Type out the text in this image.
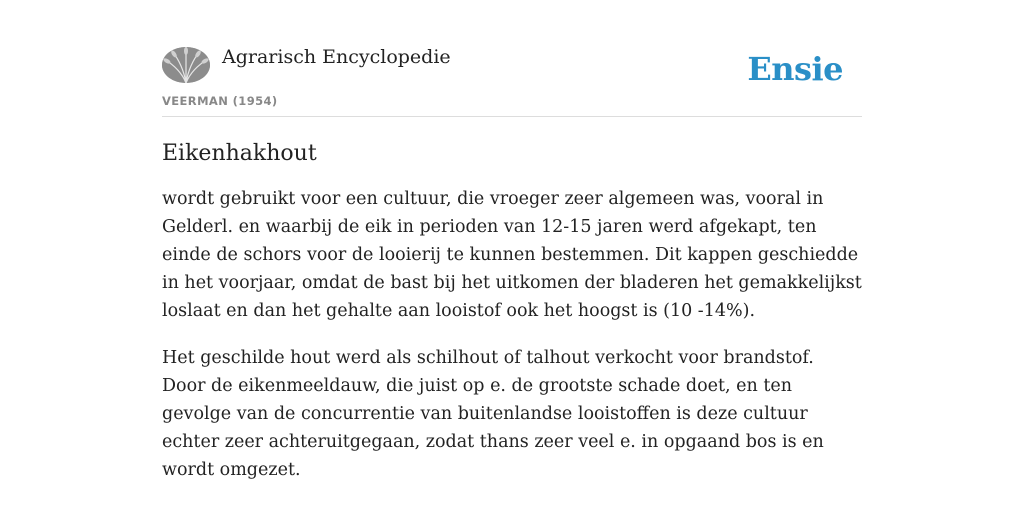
Agrarisch Encyclopedie
VEERMAN (1954)
Ensie
Eikenhakhout

wordt gebruikt voor een cultuur, die vroeger zeer algemeen was, vooral in Gelderl. en waarbij de eik in perioden van 12-15 jaren werd afgekapt, ten einde de schors voor de looierij te kunnen bestemmen. Dit kappen geschiedde in het voorjaar, omdat de bast bij het uitkomen der bladeren het gemakkelijkst loslaat en dan het gehalte aan looistof ook het hoogst is (10 -14%).

Het geschilde hout werd als schilhout of talhout verkocht voor brandstof. Door de eikenmeeldauw, die juist op e. de grootste schade doet, en ten gevolge van de concurrentie van buitenlandse looistoffen is deze cultuur echter zeer achteruitgegaan, zodat thans zeer veel e. in opgaand bos is en wordt omgezet.
